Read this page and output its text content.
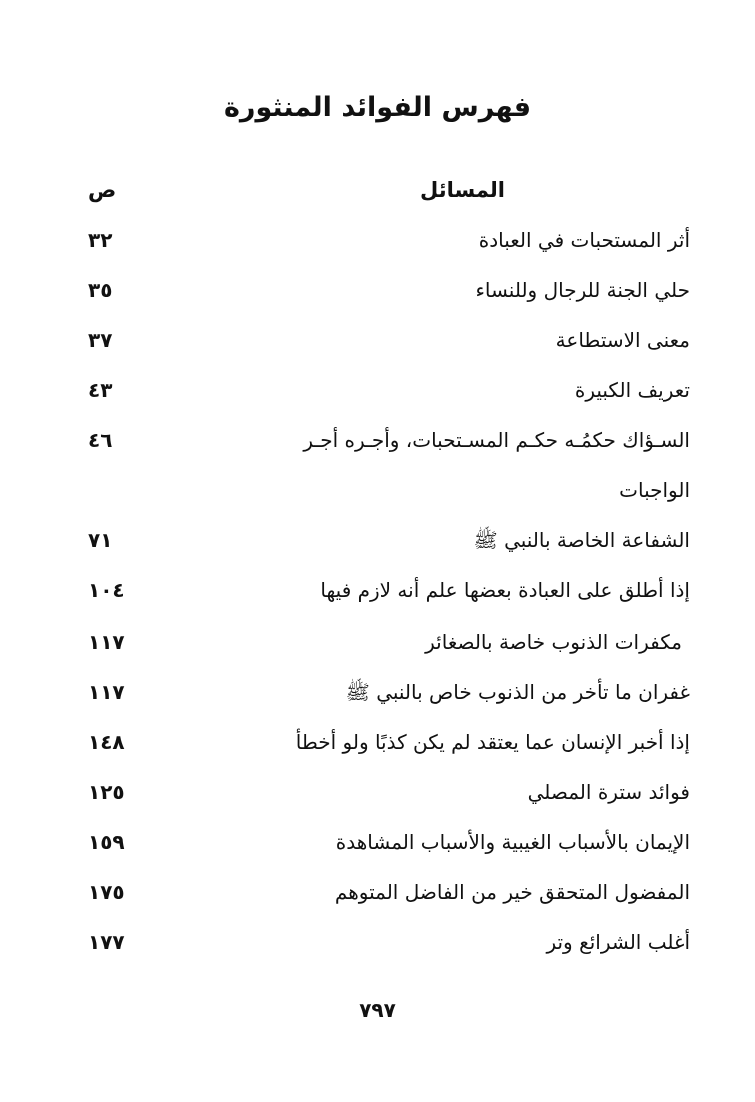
فهرس الفوائد المنثورة
المسائل
ص
أثر المستحبات في العبادة
٣٢
حلي الجنة للرجال وللنساء
٣٥
معنى الاستطاعة
٣٧
تعريف الكبيرة
٤٣
السـؤاك حكمُـه حكـم المسـتحبات، وأجـره أجـر
٤٦
الواجبات
الشفاعة الخاصة بالنبي ﷺ
٧١
إذا أطلق على العبادة بعضها علم أنه لازم فيها
١٠٤
مكفرات الذنوب خاصة بالصغائر
١١٧
غفران ما تأخر من الذنوب خاص بالنبي ﷺ
١١٧
إذا أخبر الإنسان عما يعتقد لم يكن كذبًا ولو أخطأ
١٤٨
فوائد سترة المصلي
١٢٥
الإيمان بالأسباب الغيبية والأسباب المشاهدة
١٥٩
المفضول المتحقق خير من الفاضل المتوهم
١٧٥
أغلب الشرائع وتر
١٧٧
٧٩٧
